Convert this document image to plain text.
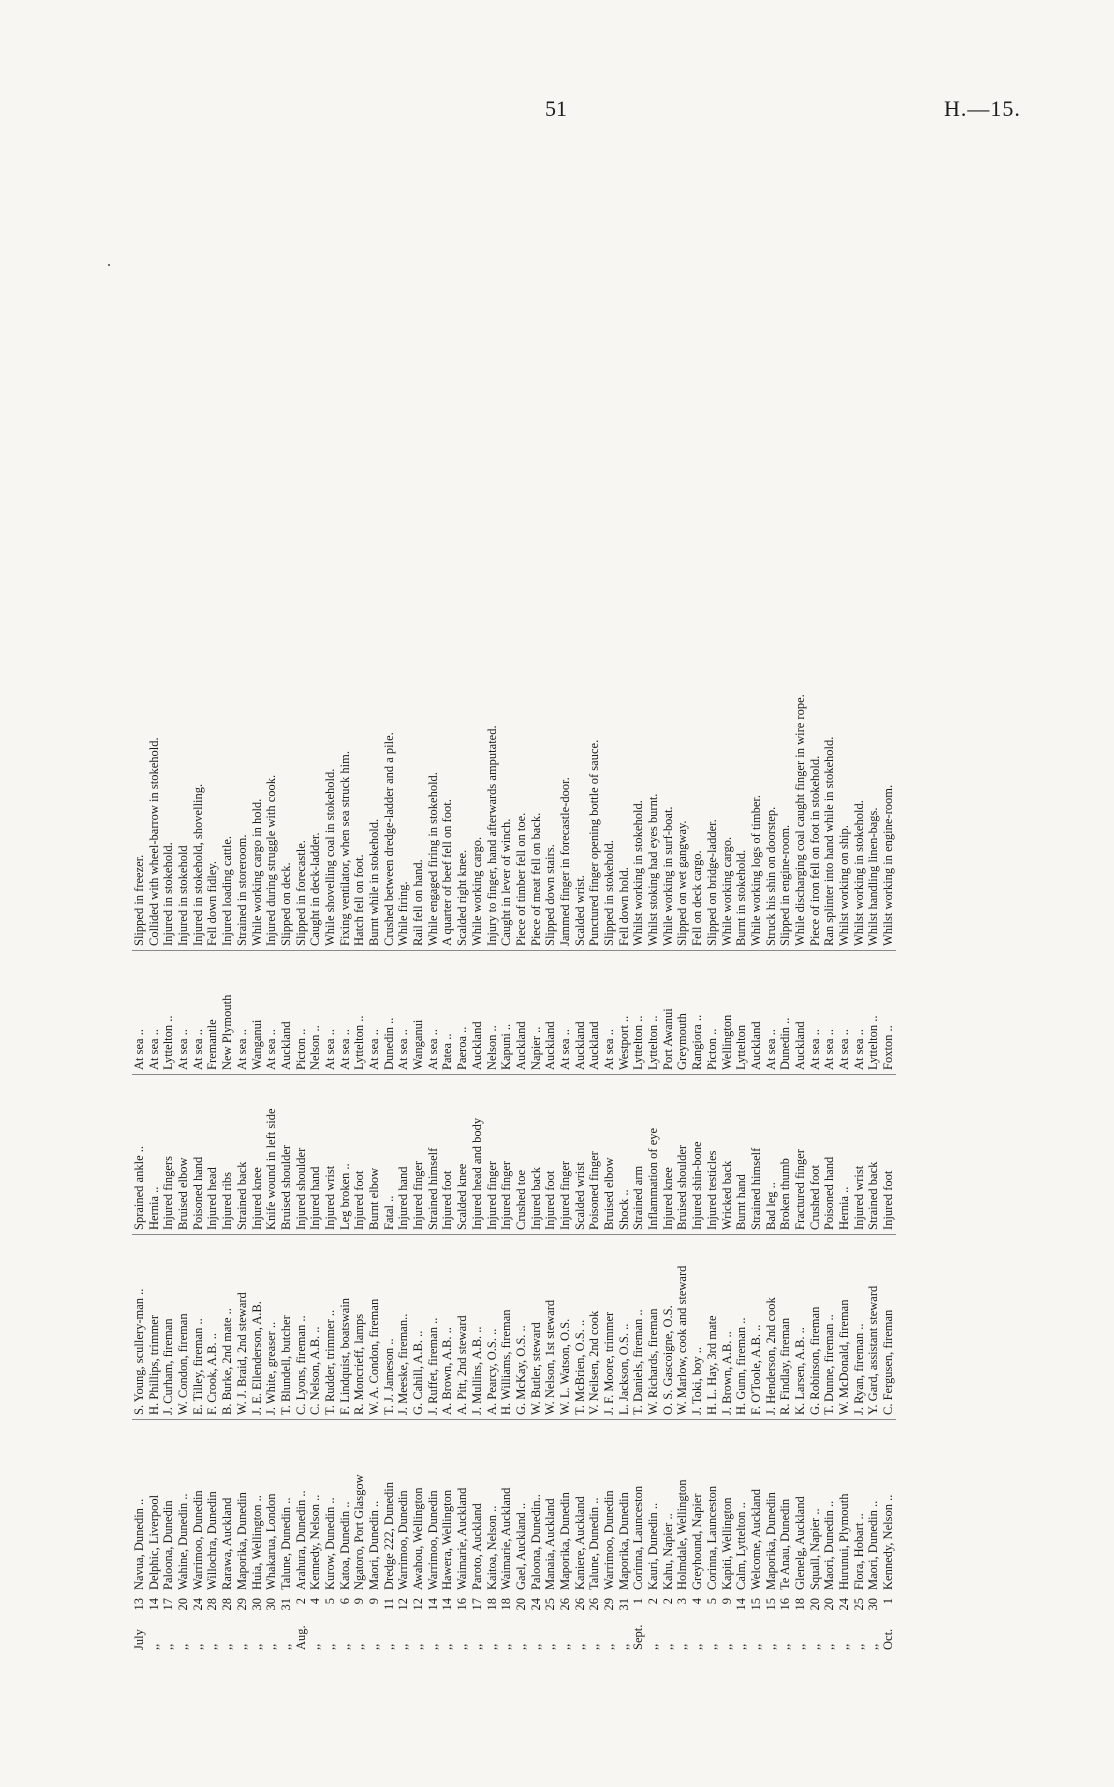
51	H.—15.
July
13
Navua, Dunedin ..
S. Young, scullery-man ..
Sprained ankle ..
At sea ..
Slipped in freezer.
,,
14
Delphic, Liverpool
H. Phillips, trimmer
Hernia ..
At sea ..
Collided with wheel-barrow in stokehold.
,,
17
Paloona, Dunedin
J. Curham, fireman
Injured fingers
Lyttelton ..
Injured in stokehold.
,,
20
Wahine, Dunedin ..
W. Condon, fireman
Bruised elbow
At sea ..
Injured in stokehold
,,
24
Warrimoo, Dunedin
E. Tilley, fireman ..
Poisoned hand
At sea ..
Injured in stokehold, shovelling.
,,
28
Willochra, Dunedin
F. Crook, A.B. ..
Injured head
Fremantle
Fell down fidley.
,,
28
Rarawa, Auckland
B. Burke, 2nd mate ..
Injured ribs
New Plymouth
Injured loading cattle.
,,
29
Maporika, Dunedin
W. J. Braid, 2nd steward
Strained back
At sea ..
Strained in storeroom.
,,
30
Huia, Wellington ..
J. E. Ellenderson, A.B.
Injured knee
Wanganui
While working cargo in hold.
,,
30
Whakarua, London
J. White, greaser ..
Knife wound in left side
At sea ..
Injured during struggle with cook.
,,
31
Talune, Dunedin ..
T. Blundell, butcher
Bruised shoulder
Auckland
Slipped on deck.
Aug.
2
Arahura, Dunedin ..
C. Lyons, fireman ..
Injured shoulder
Picton ..
Slipped in forecastle.
,,
4
Kennedy, Nelson ..
C. Nelson, A.B. ..
Injured hand
Nelson ..
Caught in deck-ladder.
,,
5
Kurow, Dunedin ..
T. Rudder, trimmer ..
Injured wrist
At sea ..
While shovelling coal in stokehold.
,,
6
Katoa, Dunedin ..
F. Lindquist, boatswain
Leg broken ..
At sea ..
Fixing ventilator, when sea struck him.
,,
9
Ngatoro, Port Glasgow
R. Moncrieff, lamps
Injured foot
Lyttelton ..
Hatch fell on foot.
,,
9
Maori, Dunedin ..
W. A. Condon, fireman
Burnt elbow
At sea ..
Burnt while in stokehold.
,,
11
Dredge 222, Dunedin
T. J. Jameson ..
Fatal ..
Dunedin ..
Crushed between dredge-ladder and a pile.
,,
12
Warrimoo, Dunedin
J. Meeske, fireman..
Injured hand
At sea ..
While firing.
,,
12
Awahou, Wellington
G. Cahill, A.B. ..
Injured finger
Wanganui
Rail fell on hand.
,,
14
Warrimoo, Dunedin
J. Ruffet, fireman ..
Strained himself
At sea ..
While engaged firing in stokehold.
,,
14
Hawera, Wellington
A. Brown, A.B. ..
Injured foot
Patea ..
A quarter of beef fell on foot.
,,
16
Waimarie, Auckland
A. Pitt, 2nd steward
Scalded knee
Paeroa ..
Scalded right knee.
,,
17
Paroto, Auckland
J. Mullins, A.B. ..
Injured head and body
Auckland
While working cargo.
,,
18
Kaitoa, Nelson ..
A. Pearcy, O.S. ..
Injured finger
Nelson ..
Injury to finger, hand afterwards amputated.
,,
18
Waimarie, Auckland
H. Williams, fireman
Injured finger
Kapuni ..
Caught in lever of winch.
,,
20
Gael, Auckland ..
G. McKay, O.S. ..
Crushed toe
Auckland
Piece of timber fell on toe.
,,
24
Paloona, Dunedin..
W. Butler, steward
Injured back
Napier ..
Piece of meat fell on back.
,,
25
Manaia, Auckland
W. Nelson, 1st steward
Injured foot
Auckland
Slipped down stairs.
,,
26
Maporika, Dunedin
W. L. Watson, O.S.
Injured finger
At sea ..
Jammed finger in forecastle-door.
,,
26
Kaniere, Auckland
T. McBrien, O.S. ..
Scalded wrist
Auckland
Scalded wrist.
,,
26
Talune, Dunedin ..
V. Neilsen, 2nd cook
Poisoned finger
Auckland
Punctured finger opening bottle of sauce.
,,
29
Warrimoo, Dunedin
J. F. Moore, trimmer
Bruised elbow
At sea ..
Slipped in stokehold.
,,
31
Maporika, Dunedin
L. Jackson, O.S. ..
Shock ..
Westport ..
Fell down hold.
Sept.
1
Corinna, Launceston
T. Daniels, fireman ..
Strained arm
Lyttelton ..
Whilst working in stokehold.
,,
2
Kauri, Dunedin ..
W. Richards, fireman
Inflammation of eye
Lyttelton ..
Whilst stoking had eyes burnt.
,,
2
Kahu, Napier ..
O. S. Gascoigne, O.S.
Injured knee
Port Awanui
While working in surf-boat.
,,
3
Holmdale, Wellington
W. Marlow, cook and steward
Bruised shoulder
Greymouth
Slipped on wet gangway.
,,
4
Greyhound, Napier
J. Toki, boy ..
Injured shin-bone
Rangiora ..
Fell on deck cargo.
,,
5
Corinna, Launceston
H. L. Hay, 3rd mate
Injured testicles
Picton ..
Slipped on bridge-ladder.
,,
9
Kapiti, Wellington
J. Brown, A.B. ..
Wricked back
Wellington
While working cargo.
,,
14
Calm, Lyttelton ..
H. Gunn, fireman ..
Burnt hand
Lyttelton
Burnt in stokehold.
,,
15
Welcome, Auckland
F. O'Toole, A.B. ..
Strained himself
Auckland
While working logs of timber.
,,
15
Maporika, Dunedin
J. Henderson, 2nd cook
Bad leg ..
At sea ..
Struck his shin on doorstep.
,,
16
Te Anau, Dunedin
R. Findlay, fireman
Broken thumb
Dunedin ..
Slipped in engine-room.
,,
18
Glenelg, Auckland
K. Larsen, A.B. ..
Fractured finger
Auckland
While discharging coal caught finger in wire rope.
,,
20
Squall, Napier ..
G. Robinson, fireman
Crushed foot
At sea ..
Piece of iron fell on foot in stokehold.
,,
20
Maori, Dunedin ..
T. Dunne, fireman ..
Poisoned hand
At sea ..
Ran splinter into hand while in stokehold.
,,
24
Hurunui, Plymouth
W. McDonald, fireman
Hernia ..
At sea ..
Whilst working on ship.
,,
25
Flora, Hobart ..
J. Ryan, fireman ..
Injured wrist
At sea ..
Whilst working in stokehold.
,,
30
Maori, Dunedin ..
Y. Gard, assistant steward
Strained back
Lyttelton ..
Whilst handling linen-bags.
Oct.
1
Kennedy, Nelson ..
C. Fergusen, fireman
Injured foot
Foxton ..
Whilst working in engine-room.
